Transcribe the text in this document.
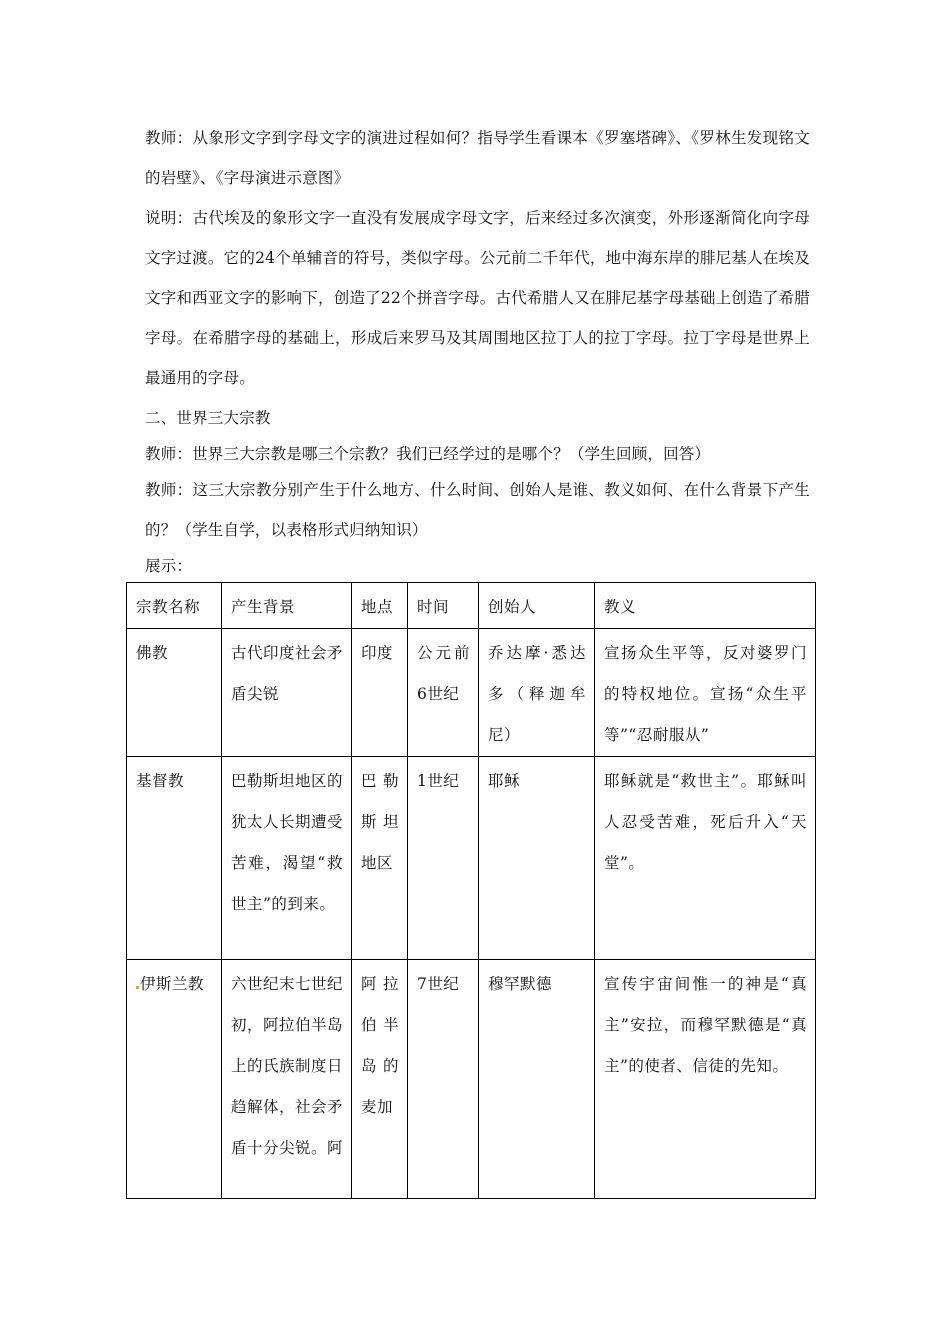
教师：从象形文字到字母文字的演进过程如何？指导学生看课本《罗塞塔碑》、《罗林生发现铭文的岩壁》、《字母演进示意图》

说明：古代埃及的象形文字一直没有发展成字母文字，后来经过多次演变，外形逐渐简化向字母文字过渡。它的24个单辅音的符号，类似字母。公元前二千年代，地中海东岸的腓尼基人在埃及文字和西亚文字的影响下，创造了22个拼音字母。古代希腊人又在腓尼基字母基础上创造了希腊字母。在希腊字母的基础上，形成后来罗马及其周围地区拉丁人的拉丁字母。拉丁字母是世界上最通用的字母。

二、世界三大宗教

教师：世界三大宗教是哪三个宗教？我们已经学过的是哪个？（学生回顾，回答）

教师：这三大宗教分别产生于什么地方、什么时间、创始人是谁、教义如何、在什么背景下产生的？（学生自学，以表格形式归纳知识）

展示：

宗教名称	产生背景	地点	时间	创始人	教义
佛教	古代印度社会矛盾尖锐	印度	公元前6世纪	乔达摩·悉达多（释迦牟尼）	宣扬众生平等，反对婆罗门的特权地位。宣扬“众生平等”“忍耐服从”
基督教	巴勒斯坦地区的犹太人长期遭受苦难，渴望“救世主”的到来。	巴勒斯坦地区	1世纪	耶稣	耶稣就是“救世主”。耶稣叫人忍受苦难，死后升入“天堂”。
伊斯兰教	六世纪末七世纪初，阿拉伯半岛上的氏族制度日趋解体，社会矛盾十分尖锐。阿	阿拉伯半岛的麦加	7世纪	穆罕默德	宣传宇宙间惟一的神是“真主”安拉，而穆罕默德是“真主”的使者、信徒的先知。
